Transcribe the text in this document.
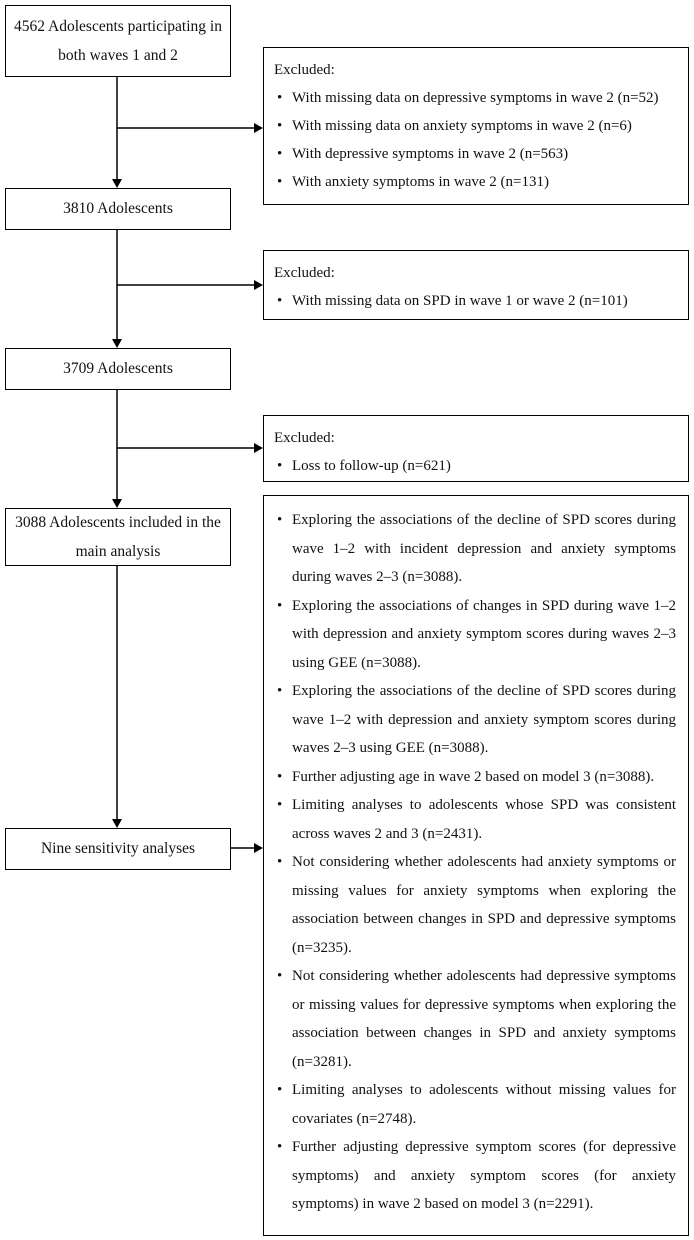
4562 Adolescents participating in both waves 1 and 2
3810 Adolescents
3709 Adolescents
3088 Adolescents included in the main analysis
Nine sensitivity analyses
Excluded:
• With missing data on depressive symptoms in wave 2 (n=52)
• With missing data on anxiety symptoms in wave 2 (n=6)
• With depressive symptoms in wave 2 (n=563)
• With anxiety symptoms in wave 2 (n=131)
Excluded:
• With missing data on SPD in wave 1 or wave 2 (n=101)
Excluded:
• Loss to follow-up (n=621)
• Exploring the associations of the decline of SPD scores during wave 1–2 with incident depression and anxiety symptoms during waves 2–3 (n=3088).
• Exploring the associations of changes in SPD during wave 1–2 with depression and anxiety symptom scores during waves 2–3 using GEE (n=3088).
• Exploring the associations of the decline of SPD scores during wave 1–2 with depression and anxiety symptom scores during waves 2–3 using GEE (n=3088).
• Further adjusting age in wave 2 based on model 3 (n=3088).
• Limiting analyses to adolescents whose SPD was consistent across waves 2 and 3 (n=2431).
• Not considering whether adolescents had anxiety symptoms or missing values for anxiety symptoms when exploring the association between changes in SPD and depressive symptoms (n=3235).
• Not considering whether adolescents had depressive symptoms or missing values for depressive symptoms when exploring the association between changes in SPD and anxiety symptoms (n=3281).
• Limiting analyses to adolescents without missing values for covariates (n=2748).
• Further adjusting depressive symptom scores (for depressive symptoms) and anxiety symptom scores (for anxiety symptoms) in wave 2 based on model 3 (n=2291).
